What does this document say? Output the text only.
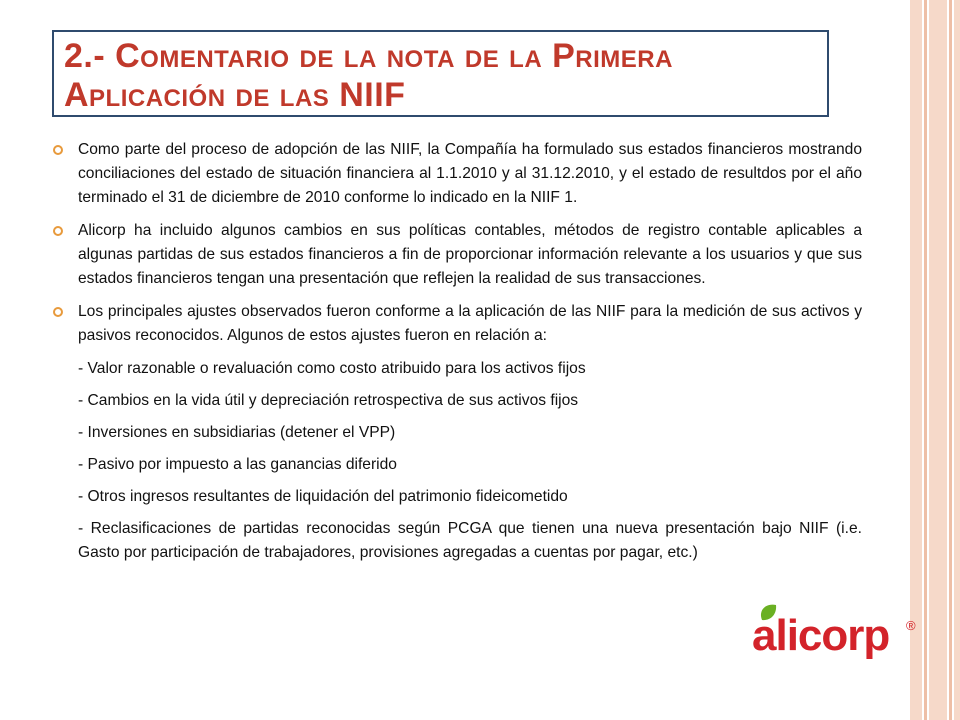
2.- Comentario de la nota de la Primera
Aplicación de las NIIF
Como parte del proceso de adopción de las NIIF, la Compañía ha formulado sus estados financieros mostrando conciliaciones del estado de situación financiera al 1.1.2010 y al 31.12.2010, y el estado de resultdos por el año terminado el 31 de diciembre de 2010 conforme lo indicado en la NIIF 1.
Alicorp ha incluido algunos cambios en sus políticas contables, métodos de registro contable aplicables a algunas partidas de sus estados financieros a fin de proporcionar información relevante a los usuarios y que sus estados financieros tengan una presentación que reflejen la realidad de sus transacciones.
Los principales ajustes observados fueron conforme a la aplicación de las NIIF para la medición de sus activos y pasivos reconocidos. Algunos de estos ajustes fueron en relación a:
- Valor razonable o revaluación como costo atribuido para los activos fijos
- Cambios en la vida útil y depreciación retrospectiva de sus activos fijos
- Inversiones en subsidiarias (detener el VPP)
- Pasivo por impuesto a las ganancias diferido
- Otros ingresos resultantes de liquidación del patrimonio fideicometido
- Reclasificaciones de partidas reconocidas según PCGA que tienen una nueva presentación bajo NIIF (i.e. Gasto por participación de trabajadores, provisiones agregadas a cuentas por pagar, etc.)
alicorp ®
